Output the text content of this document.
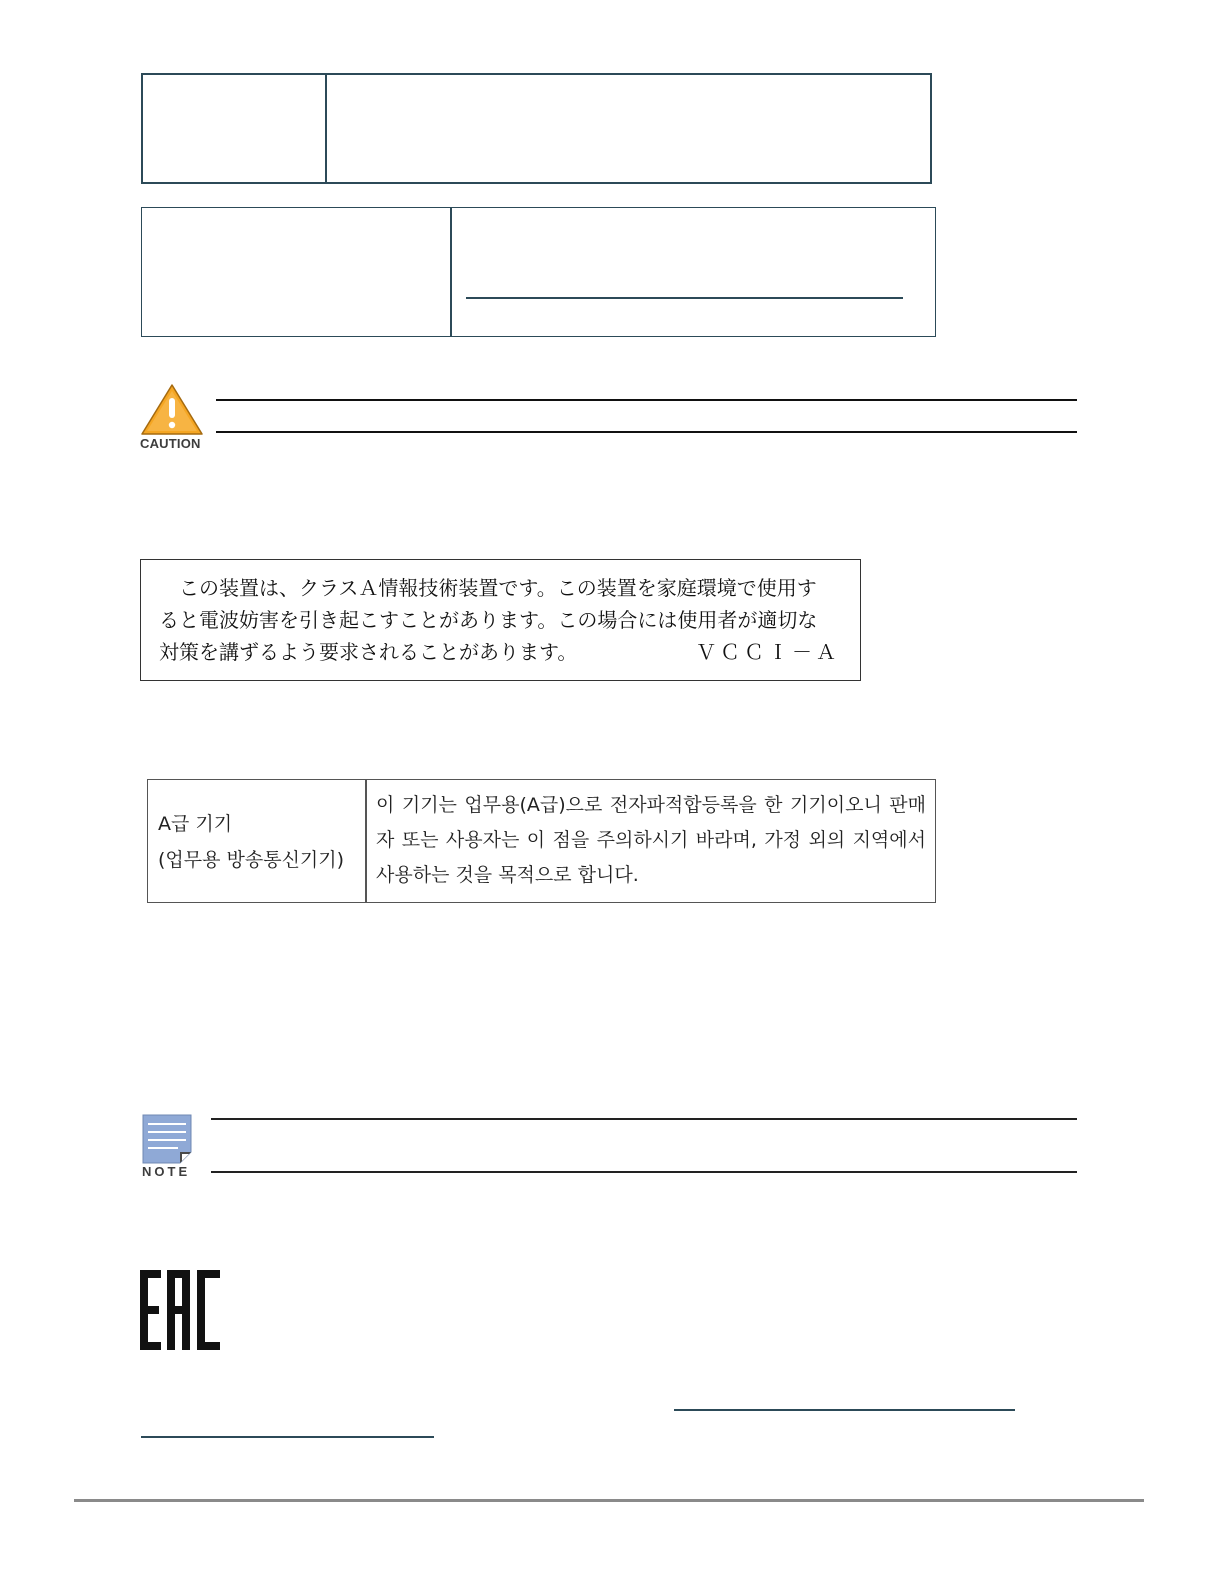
CAUTION
この装置は、クラスＡ情報技術装置です。この装置を家庭環境で使用す
ると電波妨害を引き起こすことがあります。この場合には使用者が適切な
対策を講ずるよう要求されることがあります。	ＶＣＣＩ－Ａ
A급 기기
(업무용 방송통신기기)
이 기기는 업무용(A급)으로 전자파적합등록을 한 기기이오니 판매자 또는 사용자는 이 점을 주의하시기 바라며, 가정 외의 지역에서 사용하는 것을 목적으로 합니다.
NOTE
